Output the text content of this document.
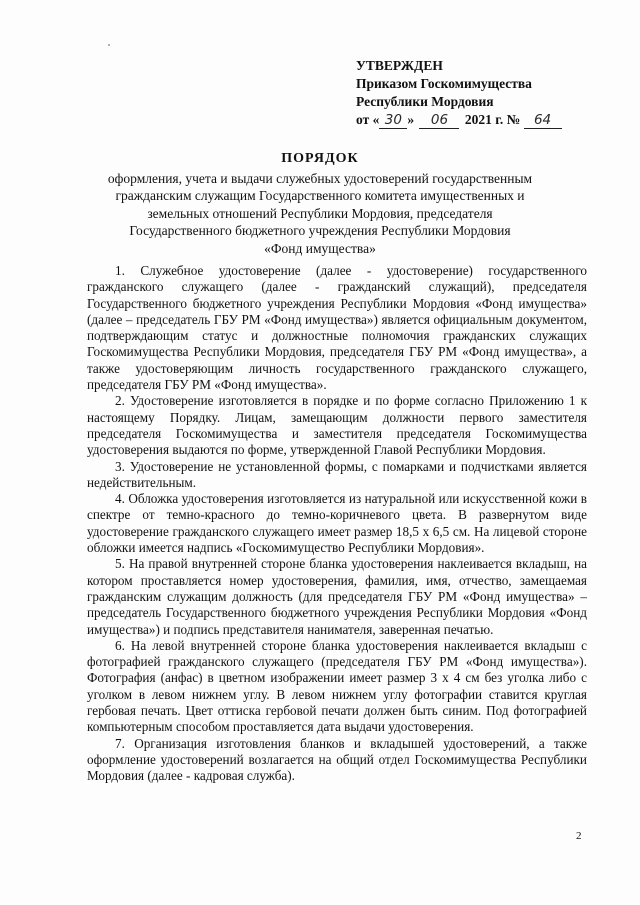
УТВЕРЖДЕН
Приказом Госкомимущества
Республики Мордовия
от « 30 » 06 2021 г. № 64
ПОРЯДОК
оформления, учета и выдачи служебных удостоверений государственным
гражданским служащим Государственного комитета имущественных и
земельных отношений Республики Мордовия, председателя
Государственного бюджетного учреждения Республики Мордовия
«Фонд имущества»

1. Служебное удостоверение (далее - удостоверение) государственного гражданского служащего (далее - гражданский служащий), председателя Государственного бюджетного учреждения Республики Мордовия «Фонд имущества» (далее – председатель ГБУ РМ «Фонд имущества») является официальным документом, подтверждающим статус и должностные полномочия гражданских служащих Госкомимущества Республики Мордовия, председателя ГБУ РМ «Фонд имущества», а также удостоверяющим личность государственного гражданского служащего, председателя ГБУ РМ «Фонд имущества».

2. Удостоверение изготовляется в порядке и по форме согласно Приложению 1 к настоящему Порядку. Лицам, замещающим должности первого заместителя председателя Госкомимущества и заместителя председателя Госкомимущества удостоверения выдаются по форме, утвержденной Главой Республики Мордовия.

3. Удостоверение не установленной формы, с помарками и подчистками является недействительным.

4. Обложка удостоверения изготовляется из натуральной или искусственной кожи в спектре от темно-красного до темно-коричневого цвета. В развернутом виде удостоверение гражданского служащего имеет размер 18,5 х 6,5 см. На лицевой стороне обложки имеется надпись «Госкомимущество Республики Мордовия».

5. На правой внутренней стороне бланка удостоверения наклеивается вкладыш, на котором проставляется номер удостоверения, фамилия, имя, отчество, замещаемая гражданским служащим должность (для председателя ГБУ РМ «Фонд имущества» – председатель Государственного бюджетного учреждения Республики Мордовия «Фонд имущества») и подпись представителя нанимателя, заверенная печатью.

6. На левой внутренней стороне бланка удостоверения наклеивается вкладыш с фотографией гражданского служащего (председателя ГБУ РМ «Фонд имущества»). Фотография (анфас) в цветном изображении имеет размер 3 х 4 см без уголка либо с уголком в левом нижнем углу. В левом нижнем углу фотографии ставится круглая гербовая печать. Цвет оттиска гербовой печати должен быть синим. Под фотографией компьютерным способом проставляется дата выдачи удостоверения.

7. Организация изготовления бланков и вкладышей удостоверений, а также оформление удостоверений возлагается на общий отдел Госкомимущества Республики Мордовия (далее - кадровая служба).

2
